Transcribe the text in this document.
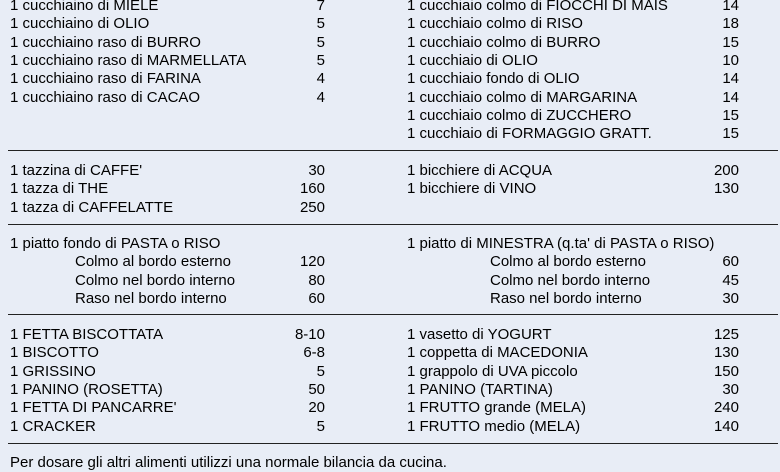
1 cucchiaino di MIELE	7
1 cucchiaino di OLIO	5
1 cucchiaino raso di BURRO	5
1 cucchiaino raso di MARMELLATA	5
1 cucchiaino raso di FARINA	4
1 cucchiaino raso di CACAO	4
1 cucchiaio colmo di FIOCCHI DI MAIS	14
1 cucchiaio colmo di RISO	18
1 cucchiaio colmo di BURRO	15
1 cucchiaio di OLIO	10
1 cucchiaio fondo di OLIO	14
1 cucchiaio colmo di MARGARINA	14
1 cucchiaio colmo di ZUCCHERO	15
1 cucchiaio di FORMAGGIO GRATT.	15
1 tazzina di CAFFE'	30
1 tazza di THE	160
1 tazza di CAFFELATTE	250
1 bicchiere di ACQUA	200
1 bicchiere di VINO	130
1 piatto fondo di PASTA o RISO
Colmo al bordo esterno	120
Colmo nel bordo interno	80
Raso nel bordo interno	60
1 piatto di MINESTRA (q.ta' di PASTA o RISO)
Colmo al bordo esterno	60
Colmo nel bordo interno	45
Raso nel bordo interno	30
1 FETTA BISCOTTATA	8-10
1 BISCOTTO	6-8
1 GRISSINO	5
1 PANINO (ROSETTA)	50
1 FETTA DI PANCARRE'	20
1 CRACKER	5
1 vasetto di YOGURT	125
1 coppetta di MACEDONIA	130
1 grappolo di UVA piccolo	150
1 PANINO (TARTINA)	30
1 FRUTTO grande (MELA)	240
1 FRUTTO medio (MELA)	140
Per dosare gli altri alimenti utilizzi una normale bilancia da cucina.
